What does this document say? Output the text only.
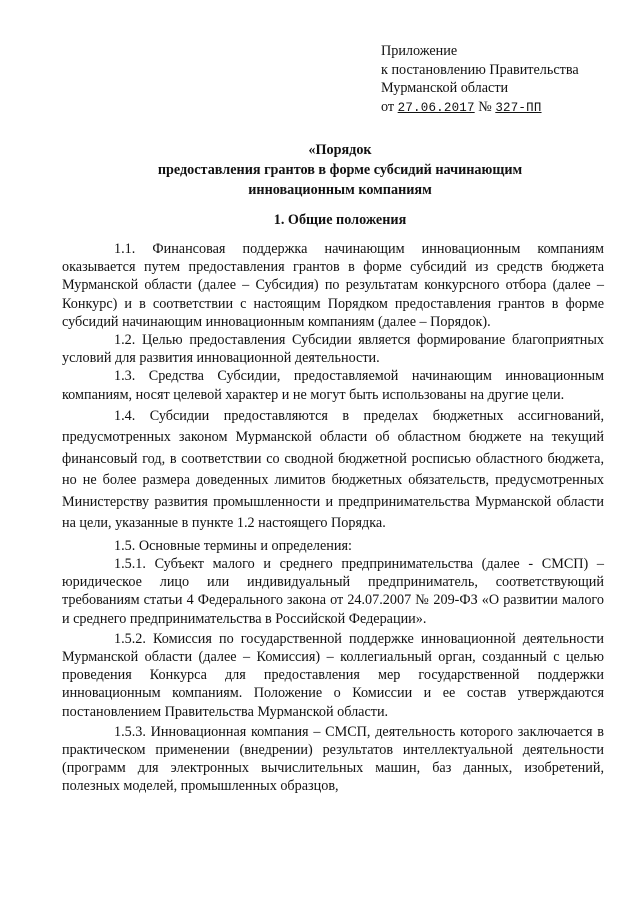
Приложение
к постановлению Правительства
Мурманской области
от 27.06.2017 № 327-ПП
«Порядок
предоставления грантов в форме субсидий начинающим
инновационным компаниям
1. Общие положения

1.1. Финансовая поддержка начинающим инновационным компаниям оказывается путем предоставления грантов в форме субсидий из средств бюджета Мурманской области (далее – Субсидия) по результатам конкурсного отбора (далее – Конкурс) и в соответствии с настоящим Порядком предоставления грантов в форме субсидий начинающим инновационным компаниям (далее – Порядок).

1.2. Целью предоставления Субсидии является формирование благоприятных условий для развития инновационной деятельности.

1.3. Средства Субсидии, предоставляемой начинающим инновационным компаниям, носят целевой характер и не могут быть использованы на другие цели.

1.4. Субсидии предоставляются в пределах бюджетных ассигнований, предусмотренных законом Мурманской области об областном бюджете на текущий финансовый год, в соответствии со сводной бюджетной росписью областного бюджета, но не более размера доведенных лимитов бюджетных обязательств, предусмотренных Министерству развития промышленности и предпринимательства Мурманской области на цели, указанные в пункте 1.2 настоящего Порядка.

1.5. Основные термины и определения:

1.5.1. Субъект малого и среднего предпринимательства (далее - СМСП) – юридическое лицо или индивидуальный предприниматель, соответствующий требованиям статьи 4 Федерального закона от 24.07.2007 № 209-ФЗ «О развитии малого и среднего предпринимательства в Российской Федерации».

1.5.2. Комиссия по государственной поддержке инновационной деятельности Мурманской области (далее – Комиссия) – коллегиальный орган, созданный с целью проведения Конкурса для предоставления мер государственной поддержки инновационным компаниям. Положение о Комиссии и ее состав утверждаются постановлением Правительства Мурманской области.

1.5.3. Инновационная компания – СМСП, деятельность которого заключается в практическом применении (внедрении) результатов интеллектуальной деятельности (программ для электронных вычислительных машин, баз данных, изобретений, полезных моделей, промышленных образцов,
